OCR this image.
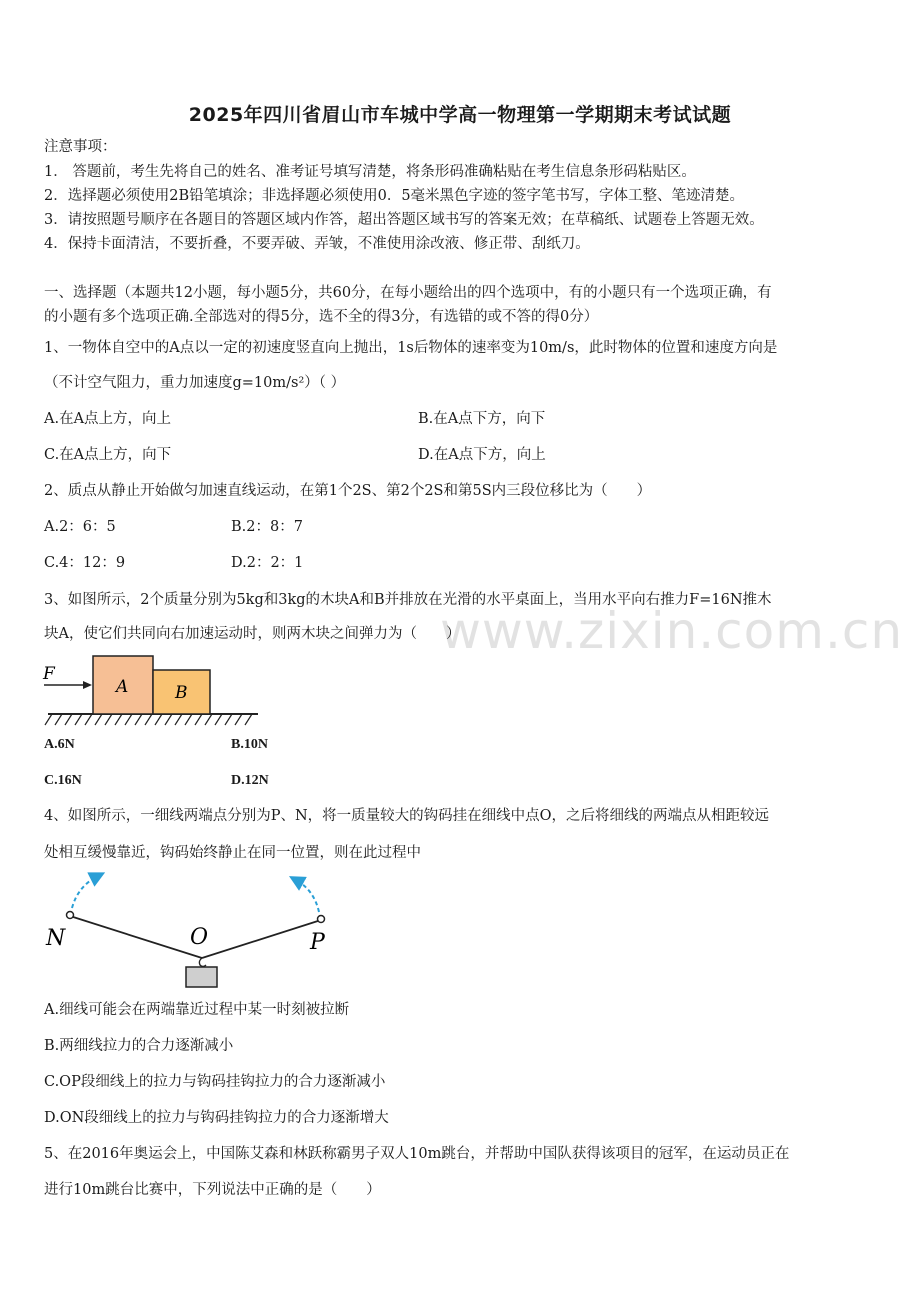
2025年四川省眉山市车城中学高一物理第一学期期末考试试题
注意事项：
1． 答题前，考生先将自己的姓名、准考证号填写清楚，将条形码准确粘贴在考生信息条形码粘贴区。
2．选择题必须使用2B铅笔填涂；非选择题必须使用0．5毫米黑色字迹的签字笔书写，字体工整、笔迹清楚。
3．请按照题号顺序在各题目的答题区域内作答，超出答题区域书写的答案无效；在草稿纸、试题卷上答题无效。
4．保持卡面清洁，不要折叠，不要弄破、弄皱，不准使用涂改液、修正带、刮纸刀。
一、选择题（本题共12小题，每小题5分，共60分，在每小题给出的四个选项中，有的小题只有一个选项正确，有
的小题有多个选项正确.全部选对的得5分，选不全的得3分，有选错的或不答的得0分）
1、一物体自空中的A点以一定的初速度竖直向上抛出，1s后物体的速率变为10m/s，此时物体的位置和速度方向是
（不计空气阻力，重力加速度g=10m/s²）（ ）
A.在A点上方，向上	B.在A点下方，向下
C.在A点上方，向下	D.在A点下方，向上
2、质点从静止开始做匀加速直线运动，在第1个2S、第2个2S和第5S内三段位移比为（　　）
A.2：6：5	B.2：8：7
C.4：12：9	D.2：2：1
www.zixin.com.cn
3、如图所示，2个质量分别为5kg和3kg的木块A和B并排放在光滑的水平桌面上，当用水平向右推力F=16N推木
块A，使它们共同向右加速运动时，则两木块之间弹力为（　　）
F
A	B
A.6N	B.10N
C.16N	D.12N
4、如图所示，一细线两端点分别为P、N，将一质量较大的钩码挂在细线中点O，之后将细线的两端点从相距较远
处相互缓慢靠近，钩码始终静止在同一位置，则在此过程中
N	O	P
A.细线可能会在两端靠近过程中某一时刻被拉断
B.两细线拉力的合力逐渐减小
C.OP段细线上的拉力与钩码挂钩拉力的合力逐渐减小
D.ON段细线上的拉力与钩码挂钩拉力的合力逐渐增大
5、在2016年奥运会上，中国陈艾森和林跃称霸男子双人10m跳台，并帮助中国队获得该项目的冠军，在运动员正在
进行10m跳台比赛中，下列说法中正确的是（　　）
